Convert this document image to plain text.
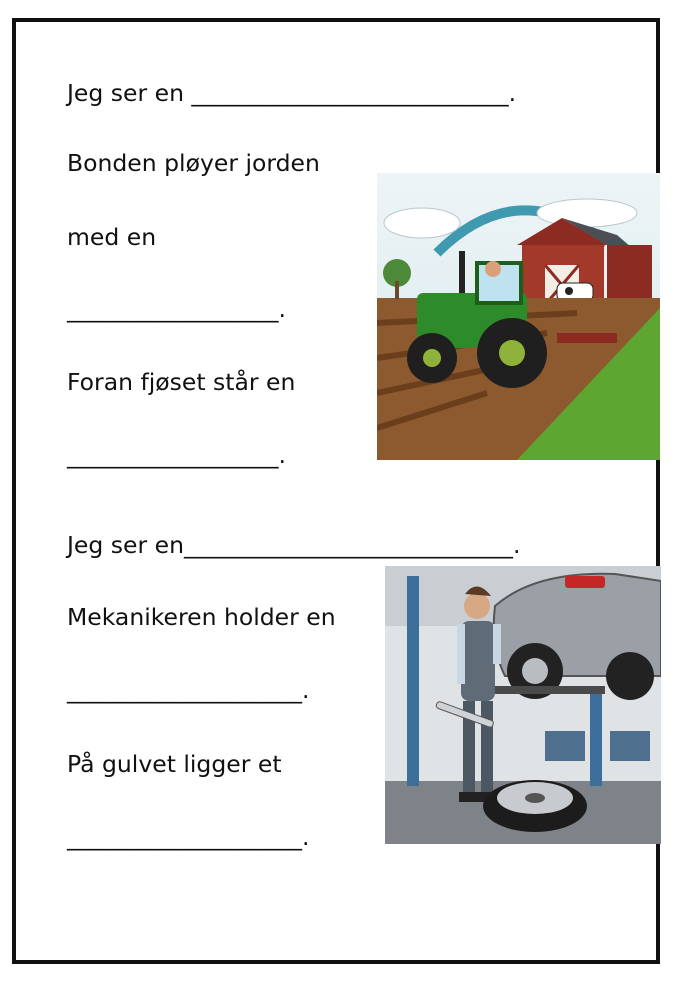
Jeg ser en ___________________________.
Bonden pløyer jorden
med en
__________________.
Foran fjøset står en
__________________.
Jeg ser en____________________________.
Mekanikeren holder en
____________________.
På gulvet ligger et
____________________.
